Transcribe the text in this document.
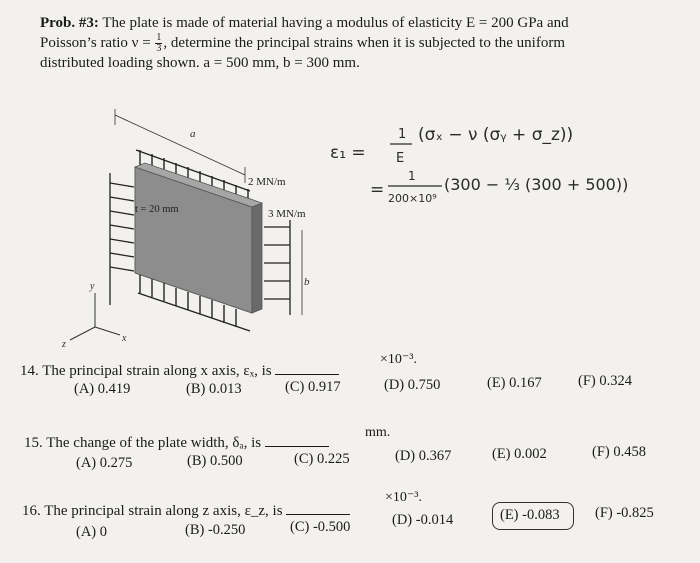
Prob. #3: The plate is made of material having a modulus of elasticity E = 200 GPa and
Poisson’s ratio $\nu = \frac{1}{3}$ , determine the principal strains when it is subjected to the uniform
distributed loading shown. a = 500 mm, b = 300 mm.
a
b
t = 20 mm
2 MN/m
3 MN/m
y
x
z
ε₁ =
1
E
(σₓ − ν (σᵧ + σ_z))
=
1
200×10⁹
(300 − ⅓ (300 + 500))
14. The principal strain along x axis, εₓ, is
×10⁻³.
(A) 0.419	(B) 0.013	(C) 0.917	(D) 0.750	(E) 0.167 (F) 0.324
15. The change of the plate width, δₐ, is
mm.
(A) 0.275	(B) 0.500	(C) 0.225	(D) 0.367	(E) 0.002	(F) 0.458
16. The principal strain along z axis, ε_z, is
×10⁻³.
(A) 0	(B) -0.250	(C) -0.500	(D) -0.014	(E) -0.083 (F) -0.825
